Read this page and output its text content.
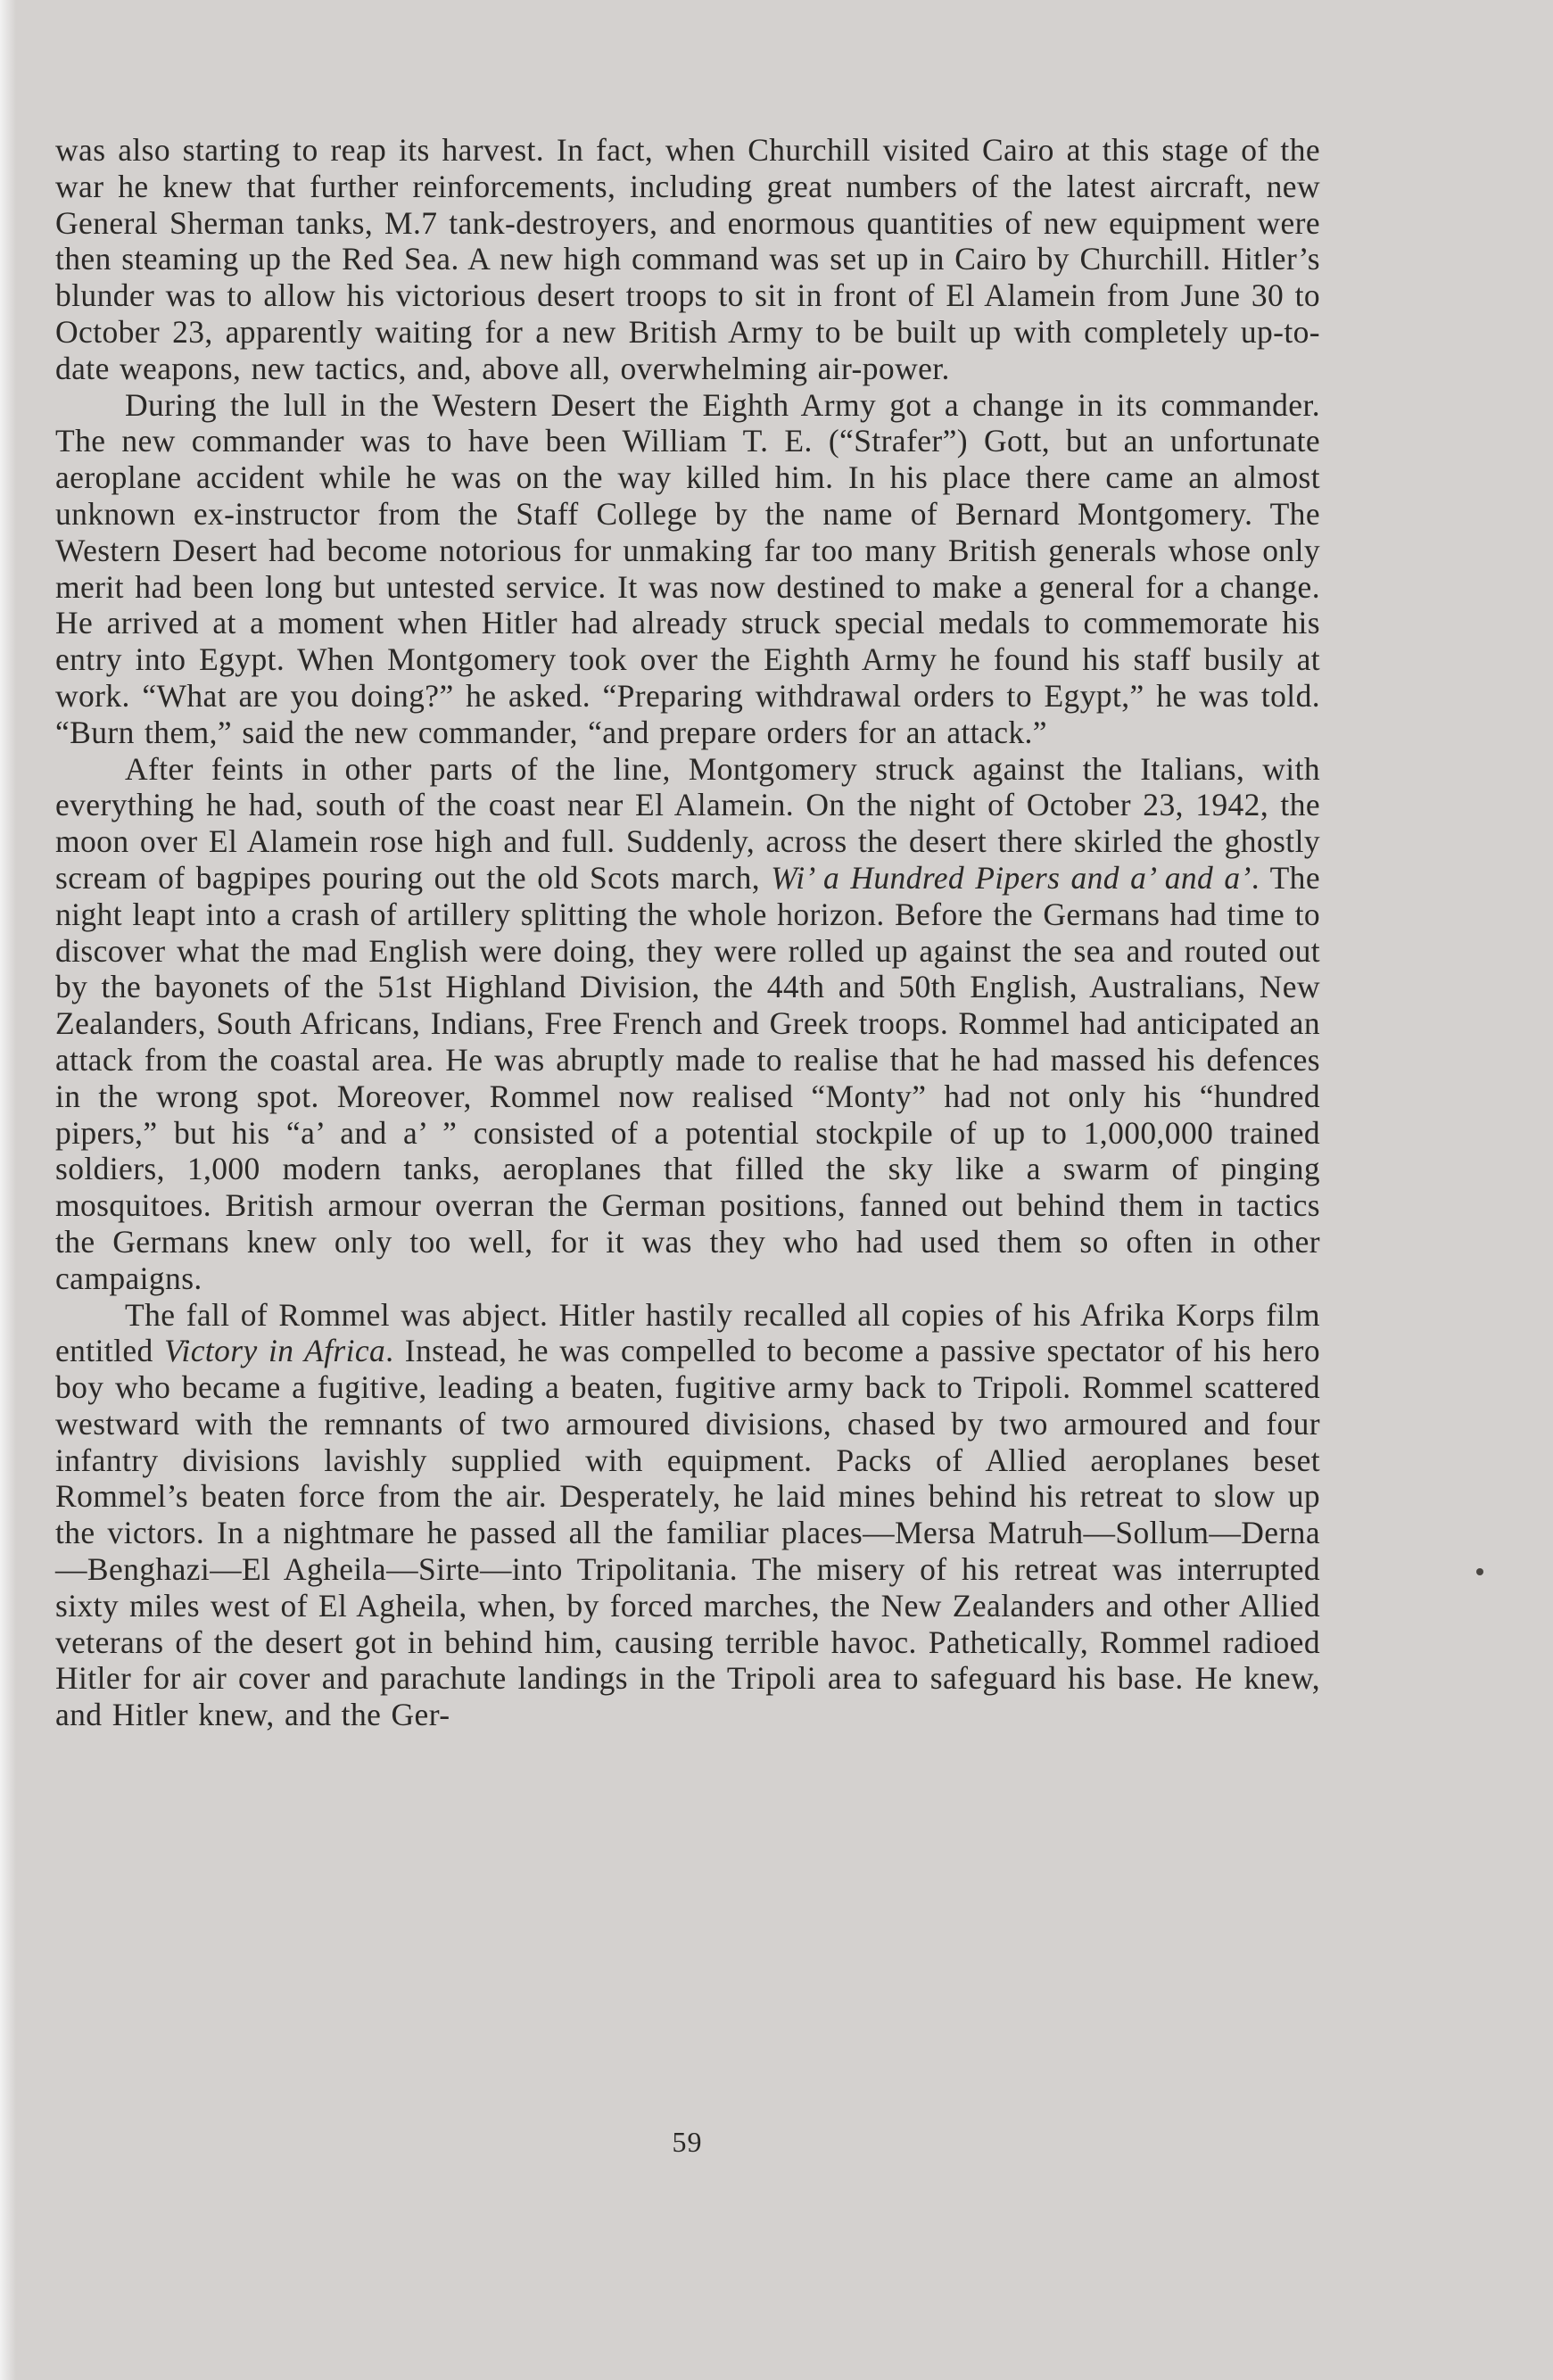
was also starting to reap its harvest. In fact, when Churchill visited Cairo at this stage of the war he knew that further reinforcements, including great numbers of the latest aircraft, new General Sherman tanks, M.7 tank-destroyers, and enormous quantities of new equipment were then steaming up the Red Sea. A new high command was set up in Cairo by Churchill. Hitler’s blunder was to allow his victorious desert troops to sit in front of El Alamein from June 30 to October 23, apparently waiting for a new British Army to be built up with completely up-to-date weapons, new tactics, and, above all, overwhelming air-power.

During the lull in the Western Desert the Eighth Army got a change in its commander. The new commander was to have been William T. E. (“Strafer”) Gott, but an unfortunate aeroplane accident while he was on the way killed him. In his place there came an almost unknown ex-instructor from the Staff College by the name of Bernard Montgomery. The Western Desert had become notorious for unmaking far too many British generals whose only merit had been long but untested service. It was now destined to make a general for a change. He arrived at a moment when Hitler had already struck special medals to commemorate his entry into Egypt. When Montgomery took over the Eighth Army he found his staff busily at work. “What are you doing?” he asked. “Preparing withdrawal orders to Egypt,” he was told. “Burn them,” said the new commander, “and prepare orders for an attack.”

After feints in other parts of the line, Montgomery struck against the Italians, with everything he had, south of the coast near El Alamein. On the night of October 23, 1942, the moon over El Alamein rose high and full. Suddenly, across the desert there skirled the ghostly scream of bagpipes pouring out the old Scots march, Wi’ a Hundred Pipers and a’ and a’. The night leapt into a crash of artillery splitting the whole horizon. Before the Germans had time to discover what the mad English were doing, they were rolled up against the sea and routed out by the bayonets of the 51st Highland Division, the 44th and 50th English, Australians, New Zealanders, South Africans, Indians, Free French and Greek troops. Rommel had anticipated an attack from the coastal area. He was abruptly made to realise that he had massed his defences in the wrong spot. Moreover, Rommel now realised “Monty” had not only his “hundred pipers,” but his “a’ and a’ ” consisted of a potential stockpile of up to 1,000,000 trained soldiers, 1,000 modern tanks, aeroplanes that filled the sky like a swarm of pinging mosquitoes. British armour overran the German positions, fanned out behind them in tactics the Germans knew only too well, for it was they who had used them so often in other campaigns.

The fall of Rommel was abject. Hitler hastily recalled all copies of his Afrika Korps film entitled Victory in Africa. Instead, he was compelled to become a passive spectator of his hero boy who became a fugitive, leading a beaten, fugitive army back to Tripoli. Rommel scattered westward with the remnants of two armoured divisions, chased by two armoured and four infantry divisions lavishly supplied with equipment. Packs of Allied aeroplanes beset Rommel’s beaten force from the air. Desperately, he laid mines behind his retreat to slow up the victors. In a nightmare he passed all the familiar places—Mersa Matruh—Sollum—Derna—Benghazi—El Agheila—Sirte—into Tripolitania. The misery of his retreat was interrupted sixty miles west of El Agheila, when, by forced marches, the New Zealanders and other Allied veterans of the desert got in behind him, causing terrible havoc. Pathetically, Rommel radioed Hitler for air cover and parachute landings in the Tripoli area to safeguard his base. He knew, and Hitler knew, and the Ger-

59
